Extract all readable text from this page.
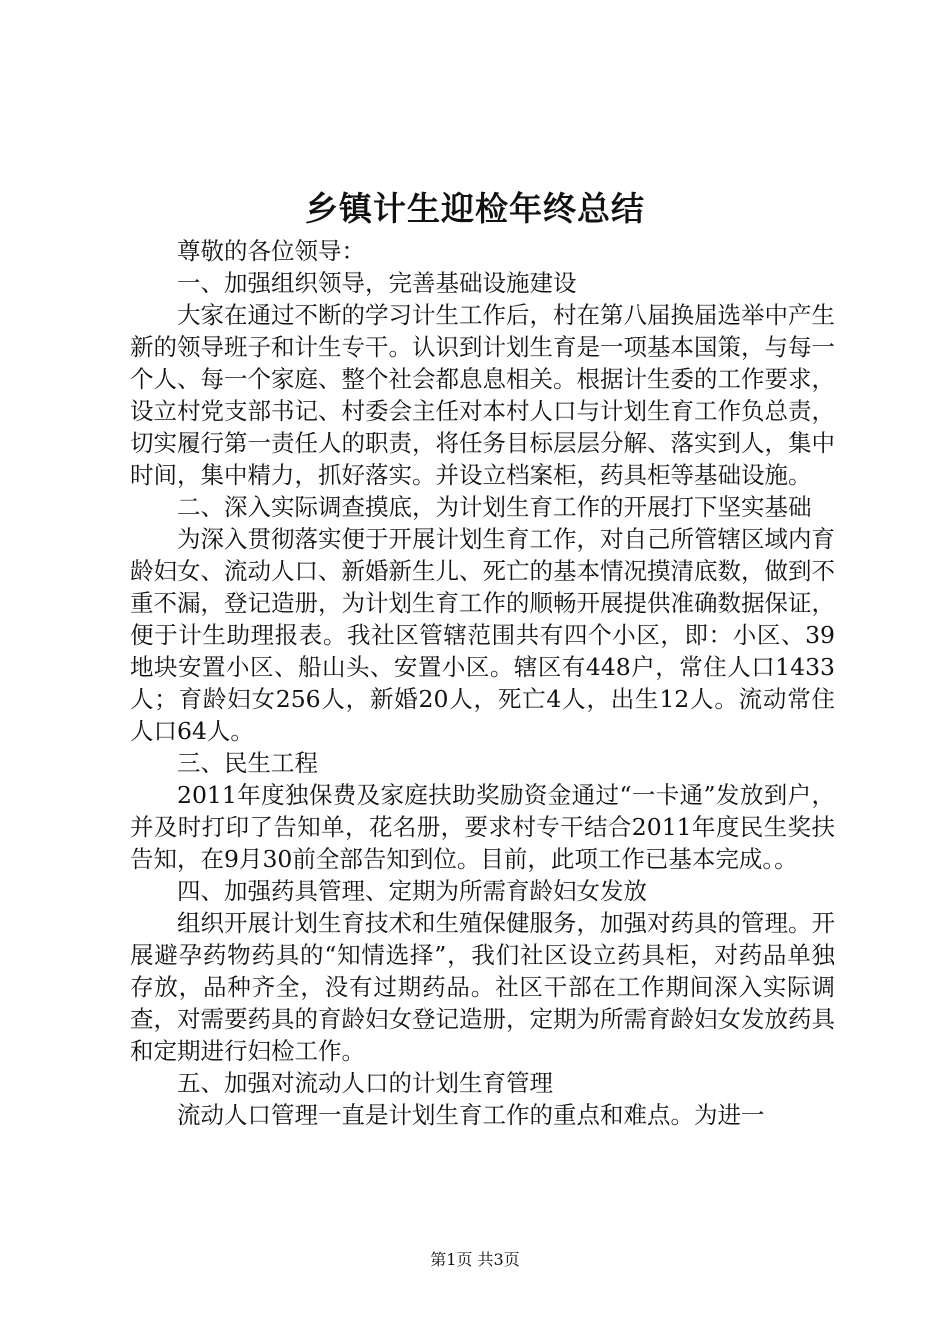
乡镇计生迎检年终总结

尊敬的各位领导：

一、加强组织领导，完善基础设施建设

大家在通过不断的学习计生工作后，村在第八届换届选举中产生新的领导班子和计生专干。认识到计划生育是一项基本国策，与每一个人、每一个家庭、整个社会都息息相关。根据计生委的工作要求，设立村党支部书记、村委会主任对本村人口与计划生育工作负总责，切实履行第一责任人的职责，将任务目标层层分解、落实到人，集中时间，集中精力，抓好落实。并设立档案柜，药具柜等基础设施。

二、深入实际调查摸底，为计划生育工作的开展打下坚实基础

为深入贯彻落实便于开展计划生育工作，对自己所管辖区域内育龄妇女、流动人口、新婚新生儿、死亡的基本情况摸清底数，做到不重不漏，登记造册，为计划生育工作的顺畅开展提供准确数据保证，便于计生助理报表。我社区管辖范围共有四个小区，即：小区、39地块安置小区、船山头、安置小区。辖区有448户，常住人口1433人；育龄妇女256人，新婚20人，死亡4人，出生12人。流动常住人口64人。

三、民生工程

2011年度独保费及家庭扶助奖励资金通过“一卡通”发放到户，并及时打印了告知单，花名册，要求村专干结合2011年度民生奖扶告知，在9月30前全部告知到位。目前，此项工作已基本完成。。

四、加强药具管理、定期为所需育龄妇女发放

组织开展计划生育技术和生殖保健服务，加强对药具的管理。开展避孕药物药具的“知情选择”，我们社区设立药具柜，对药品单独存放，品种齐全，没有过期药品。社区干部在工作期间深入实际调查，对需要药具的育龄妇女登记造册，定期为所需育龄妇女发放药具和定期进行妇检工作。

五、加强对流动人口的计划生育管理

流动人口管理一直是计划生育工作的重点和难点。为进一

第1页 共3页
